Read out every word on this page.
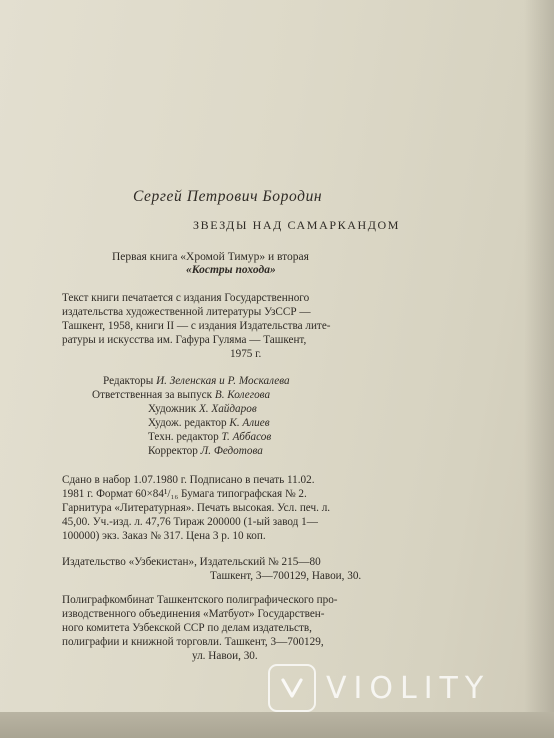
Сергей Петрович Бородин
ЗВЕЗДЫ НАД САМАРКАНДОМ
Первая книга «Хромой Тимур» и вторая
«Костры похода»
Текст книги печатается с издания Государственного
издательства художественной литературы УзССР —
Ташкент, 1958, книги II — с издания Издательства лите-
ратуры и искусства им. Гафура Гуляма — Ташкент,
1975 г.
Редакторы И. Зеленская и Р. Москалева
Ответственная за выпуск В. Колегова
Художник Х. Хайдаров
Худож. редактор К. Алиев
Техн. редактор Т. Аббасов
Корректор Л. Федотова
Сдано в набор 1.07.1980 г. Подписано в печать 11.02.
1981 г. Формат 60×84¹/₁₆ Бумага типографская № 2.
Гарнитура «Литературная». Печать высокая. Усл. печ. л.
45,00. Уч.-изд. л. 47,76 Тираж 200000 (1-ый завод 1—
100000) экз. Заказ № 317. Цена 3 р. 10 коп.
Издательство «Узбекистан», Издательский № 215—80
Ташкент, 3—700129, Навои, 30.
Полиграфкомбинат Ташкентского полиграфического про-
изводственного объединения «Матбуот» Государствен-
ного комитета Узбекской ССР по делам издательств,
полиграфии и книжной торговли. Ташкент, 3—700129,
ул. Навои, 30.
VIOLITY
